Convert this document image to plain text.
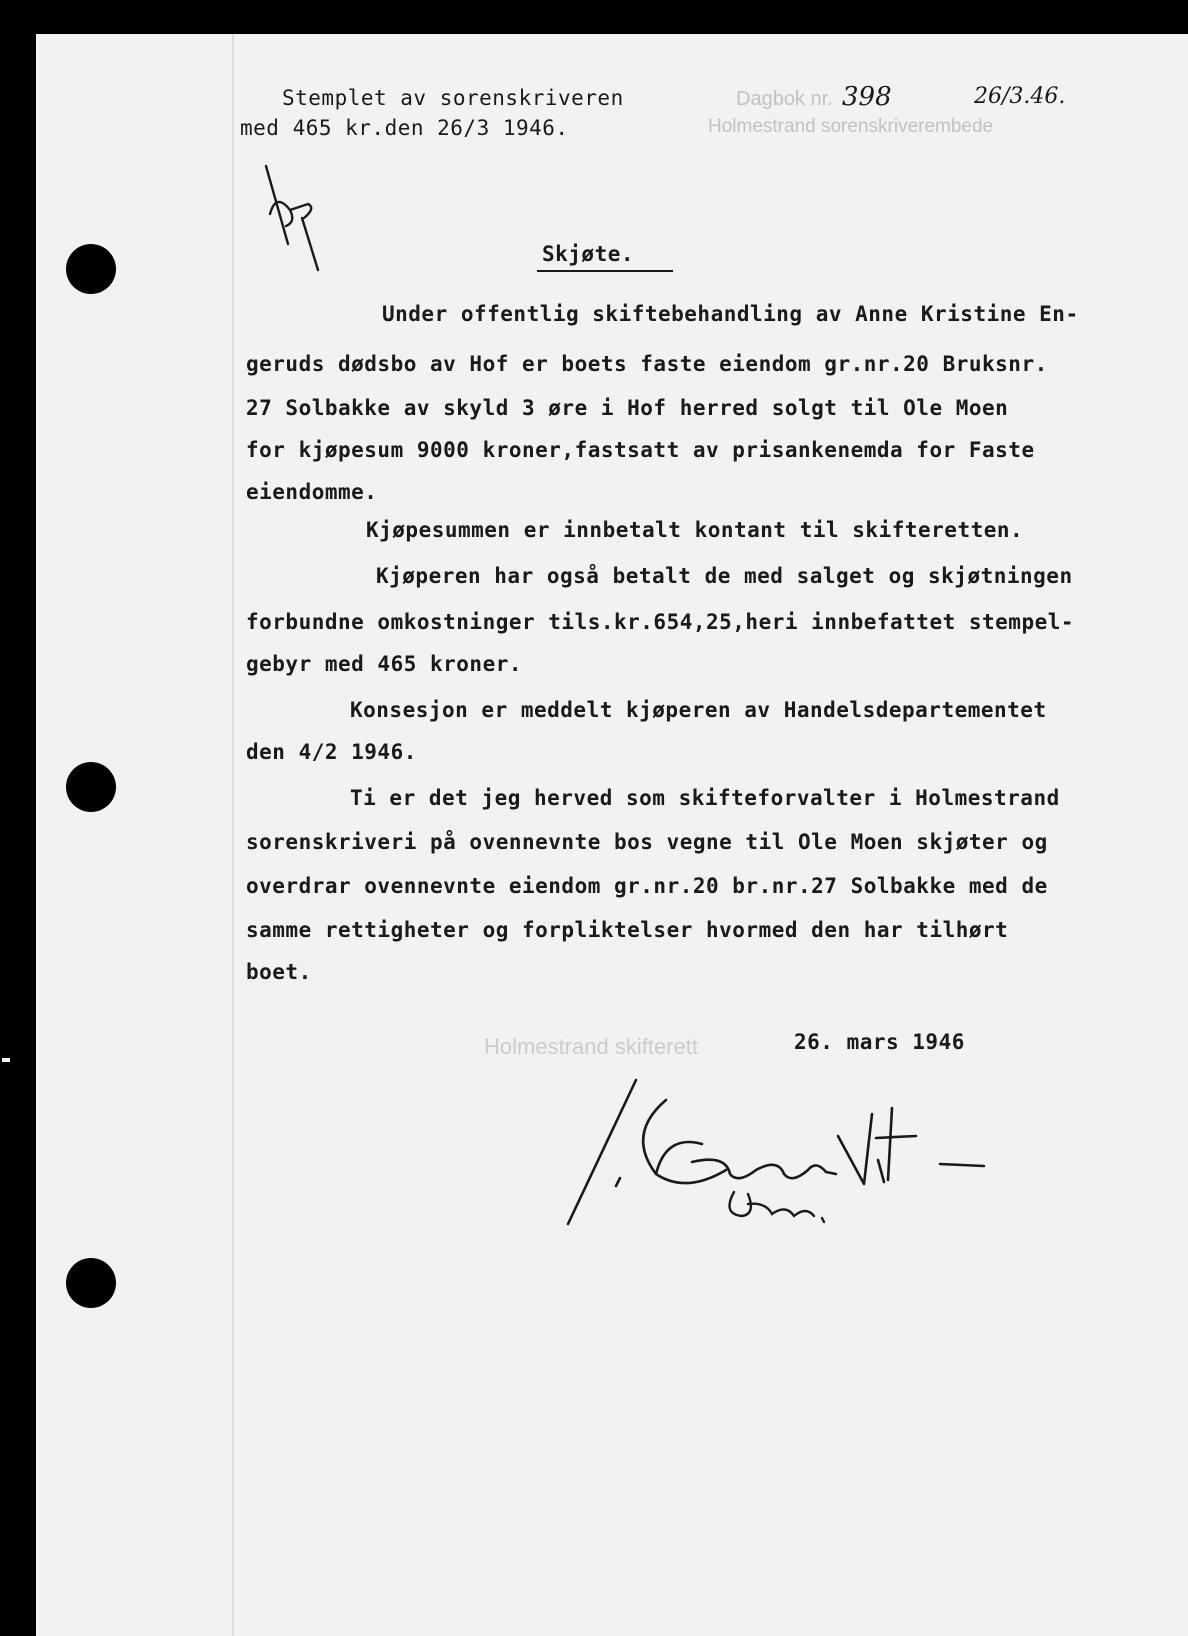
Stemplet av sorenskriveren
med 465 kr.den 26/3 1946.
Dagbok nr. 398	26/3.46.
Holmestrand sorenskriverembede
Skjøte.
Under offentlig skiftebehandling av Anne Kristine En-
geruds dødsbo av Hof er boets faste eiendom gr.nr.20 Bruksnr.
27 Solbakke av skyld 3 øre i Hof herred solgt til Ole Moen
for kjøpesum 9000 kroner,fastsatt av prisankenemda for Faste
eiendomme.
Kjøpesummen er innbetalt kontant til skifteretten.
Kjøperen har også betalt de med salget og skjøtningen
forbundne omkostninger tils.kr.654,25,heri innbefattet stempel-
gebyr med 465 kroner.
Konsesjon er meddelt kjøperen av Handelsdepartementet
den 4/2 1946.
Ti er det jeg herved som skifteforvalter i Holmestrand
sorenskriveri på ovennevnte bos vegne til Ole Moen skjøter og
overdrar ovennevnte eiendom gr.nr.20 br.nr.27 Solbakke med de
samme rettigheter og forpliktelser hvormed den har tilhørt
boet.
Holmestrand skifterett	26. mars 1946
